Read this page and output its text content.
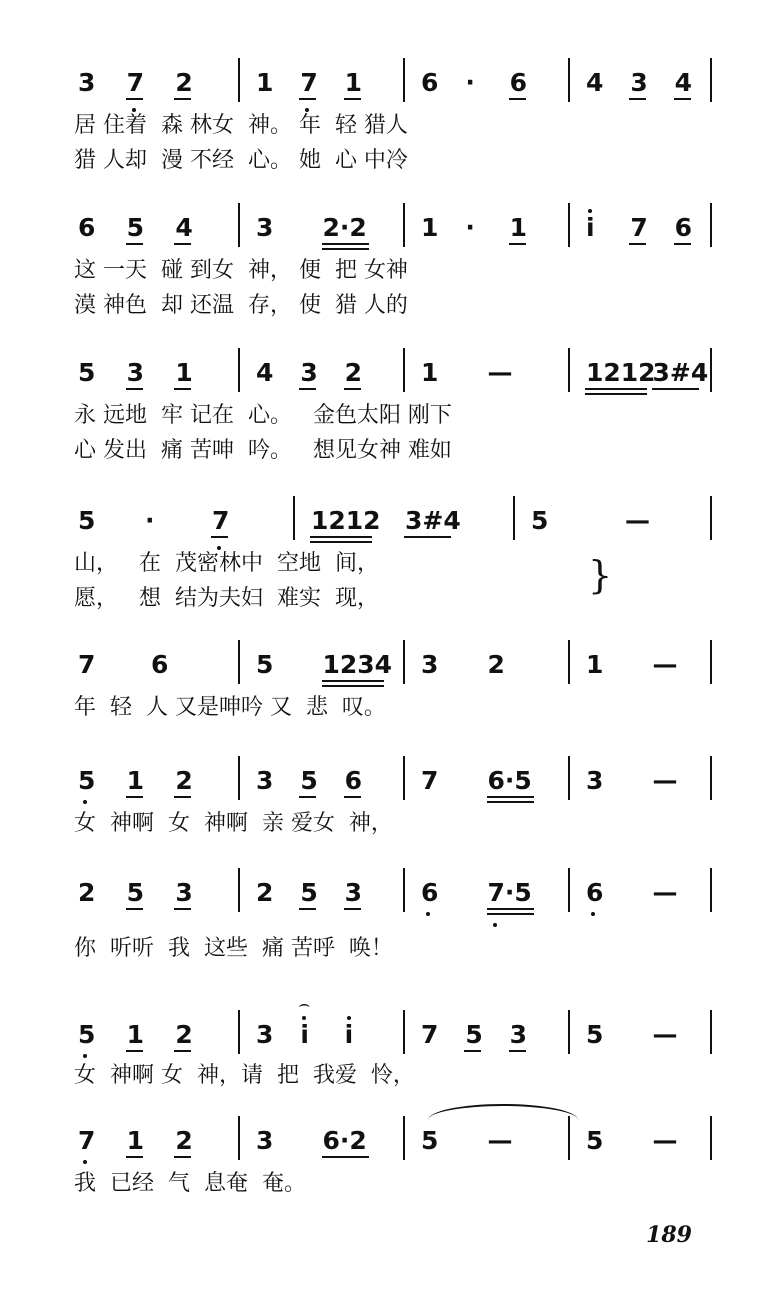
3 7 2	1 7 1 6 · 6 4 3 4
居 住着  森 林女  神。 年  轻 猎人
猎 人却  漫 不经  心。 她  心 中冷
6 5 4	3 2·2 1 · 1 i 7 6
这 一天  碰 到女  神， 便  把 女神
漠 神色  却 还温  存， 使  猎 人的
5 3 1	4 3 2 1 —	1212
3#4
永 远地  牢 记在  心。   金色太阳 刚下
心 发出  痛 苦呻  吟。   想见女神 难如
5 · 7	1212 3#4	5	—
山，   在  茂密林中  空地  间，
愿，   想  结为夫妇  难实  现，
}
7 6	5 1234 3 2	1 —
年  轻  人 又是呻吟 又  悲  叹。
5 1 2	3 5 6 7 6·5 3 —
女  神啊  女  神啊  亲 爱女  神，
2 5 3	2 5 3 6 7·5 6 —
你  听听  我  这些  痛 苦呼  唤！
5 1 2	3 i
⌢
i	7 5 3 5 —
女  神啊 女  神，请  把  我爱  怜，
7 1 2	3 6·2 5 —	5 —
我  已经  气  息奄  奄。
189
